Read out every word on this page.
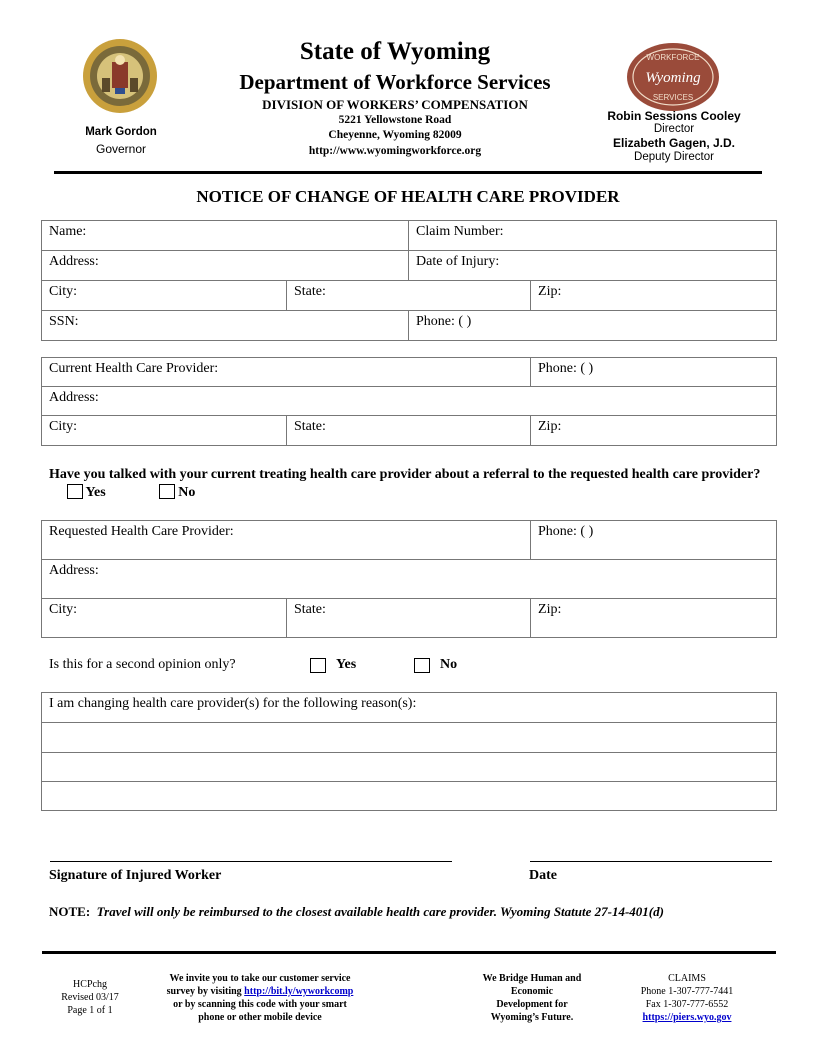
WORKFORCE
Wyoming
SERVICES
Mark Gordon
Governor
State of Wyoming
Department of Workforce Services
DIVISION OF WORKERS’ COMPENSATION
5221 Yellowstone Road
Cheyenne, Wyoming 82009
http://www.wyomingworkforce.org
Robin Sessions Cooley
Director
Elizabeth Gagen, J.D.
Deputy Director
NOTICE OF CHANGE OF HEALTH CARE PROVIDER
Name:		Claim Number:	

Address:		Date of Injury:	

City:	State:		Zip:

SSN:		Phone: ( )	
Current Health Care Provider:		Phone: ( )

Address:		

City:	State:	Zip:
Have you talked with your current treating health care provider about a referral to the requested health care provider?   Yes	No
Requested Health Care Provider:		Phone: ( )

Address:		

City:	State:	Zip:
Is this for a second opinion only?	Yes	No
I am changing health care provider(s) for the following reason(s):

Signature of Injured Worker	Date
NOTE: Travel will only be reimbursed to the closest available health care provider. Wyoming Statute 27-14-401(d)
HCPchg
Revised 03/17
Page 1 of 1
We invite you to take our customer service
survey by visiting http://bit.ly/wyworkcomp
or by scanning this code with your smart
phone or other mobile device
We Bridge Human and
Economic
Development for
Wyoming’s Future.
CLAIMS
Phone 1-307-777-7441
Fax 1-307-777-6552
https://piers.wyo.gov
